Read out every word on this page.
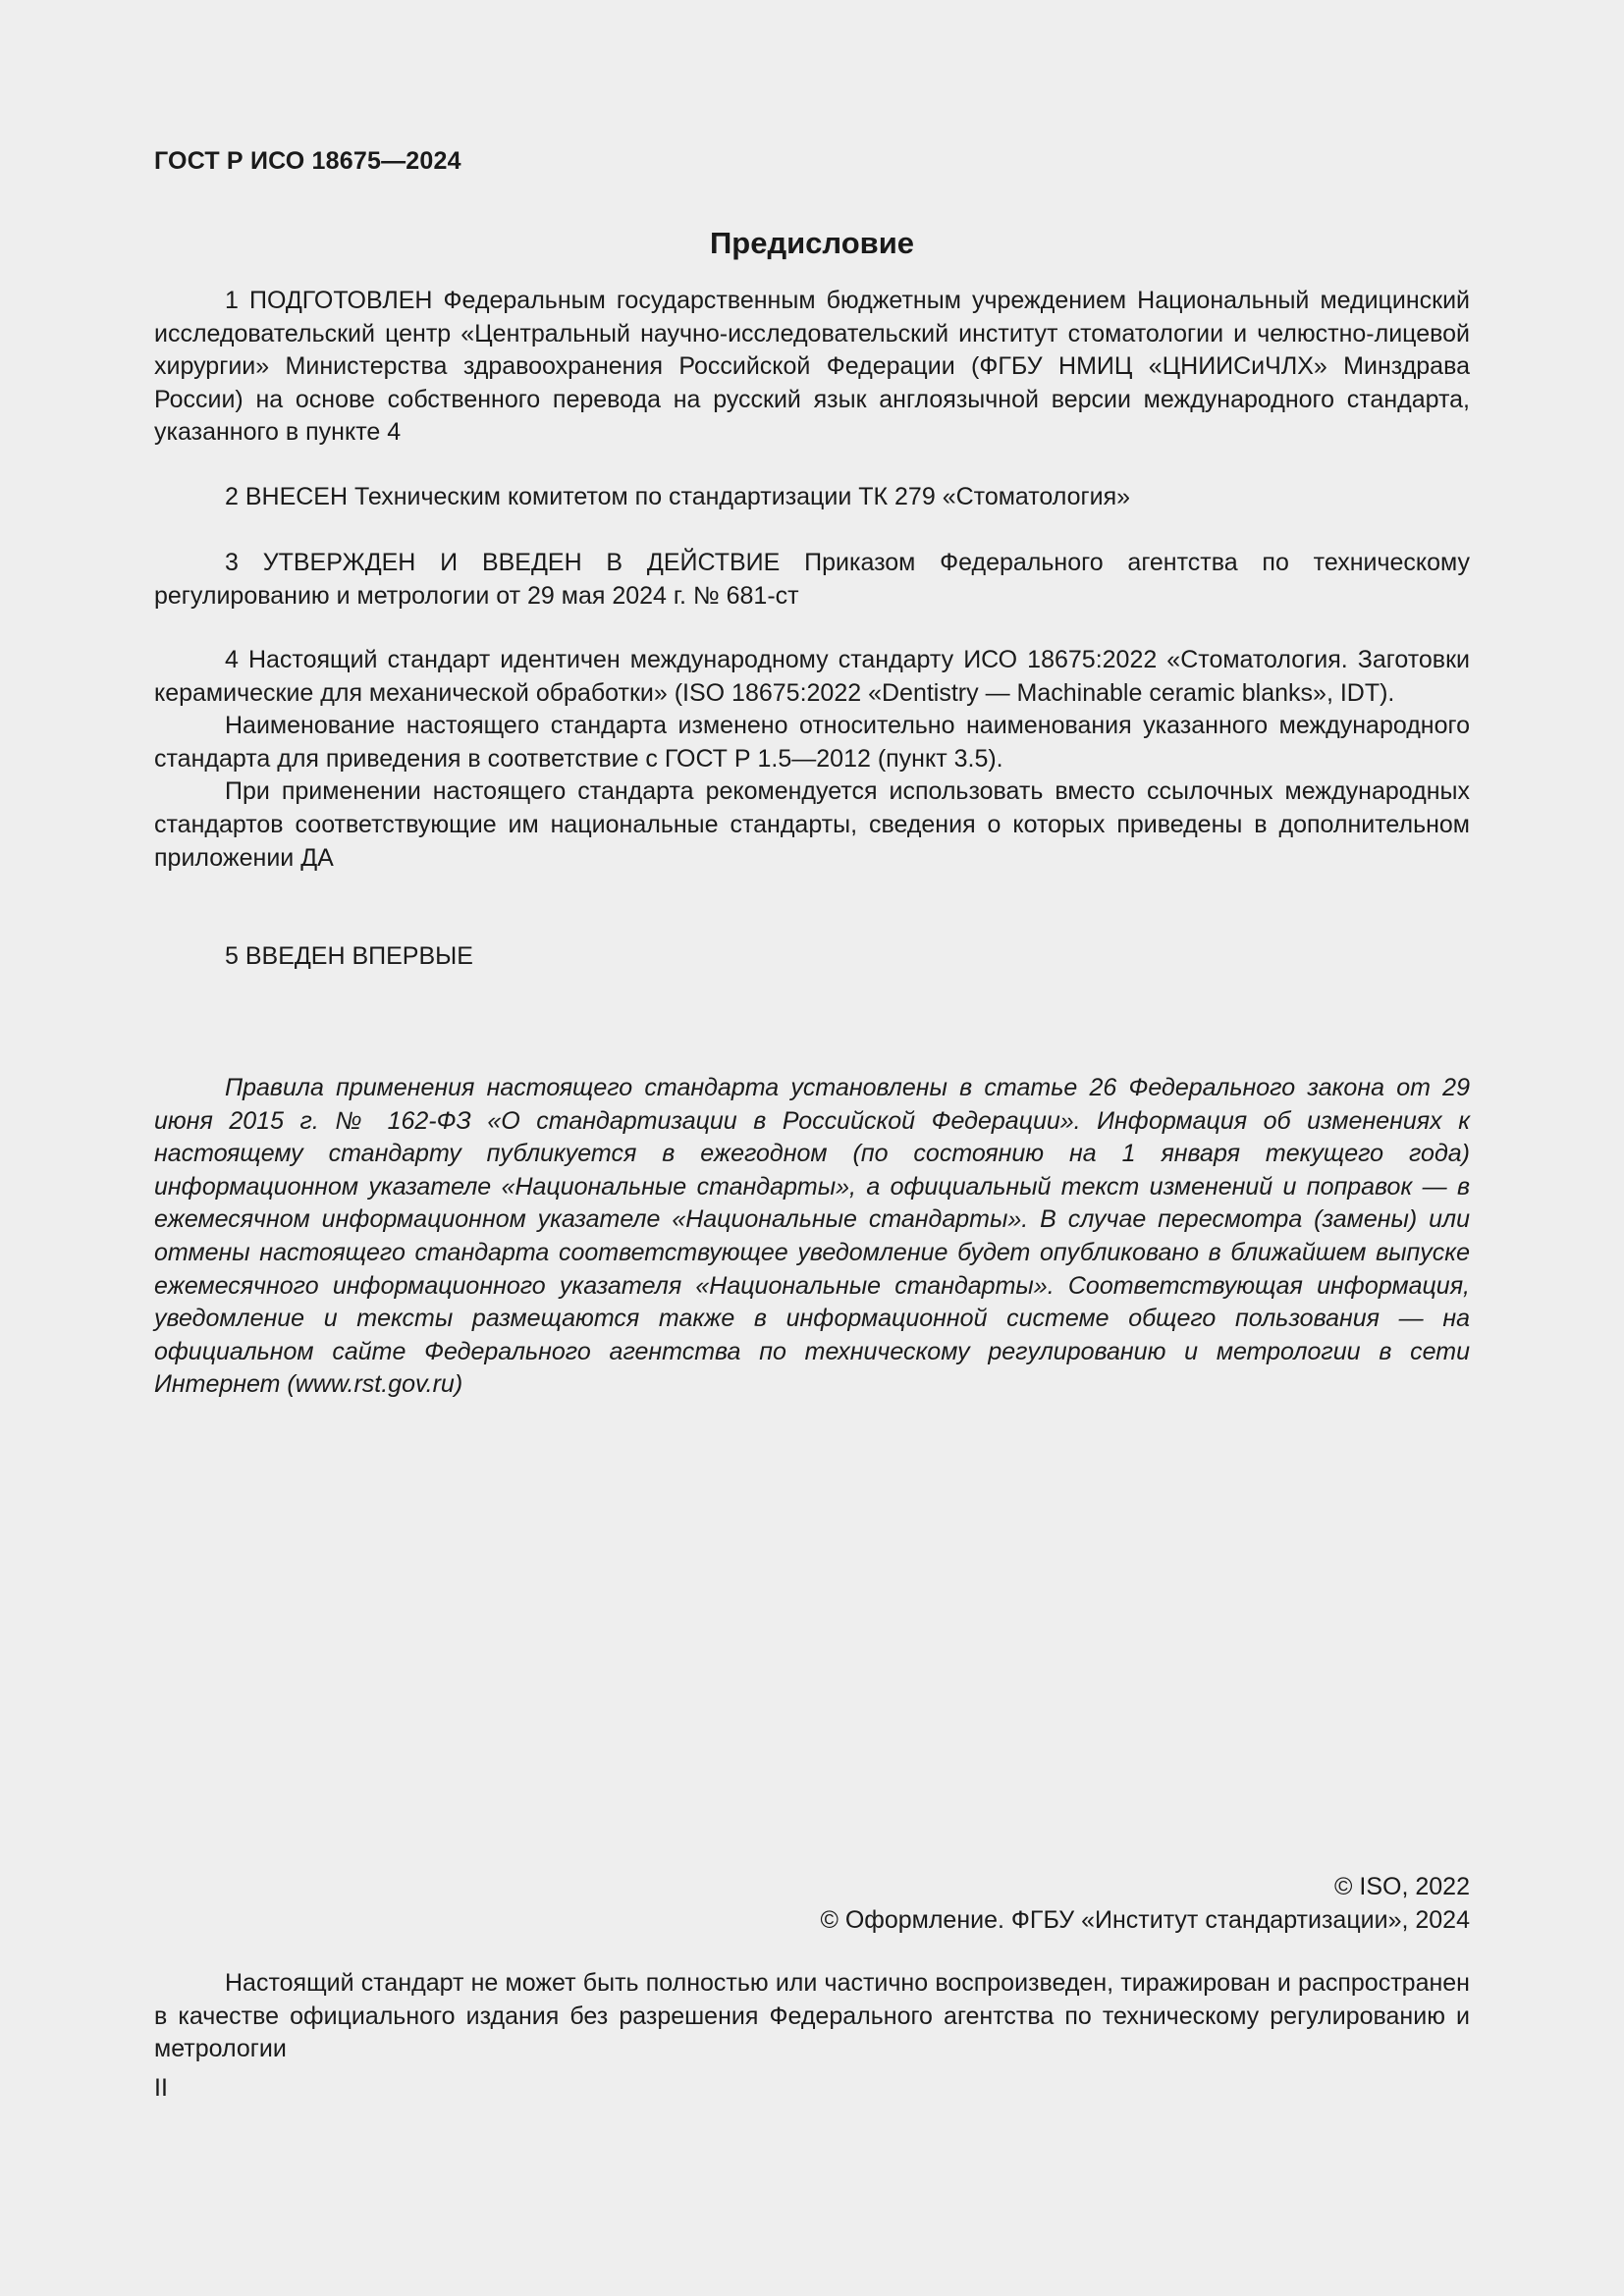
ГОСТ Р ИСО 18675—2024
Предисловие

1 ПОДГОТОВЛЕН Федеральным государственным бюджетным учреждением Национальный медицинский исследовательский центр «Центральный научно-исследовательский институт стоматологии и челюстно-лицевой хирургии» Министерства здравоохранения Российской Федерации (ФГБУ НМИЦ «ЦНИИСиЧЛХ» Минздрава России) на основе собственного перевода на русский язык англоязычной версии международного стандарта, указанного в пункте 4

2 ВНЕСЕН Техническим комитетом по стандартизации ТК 279 «Стоматология»

3 УТВЕРЖДЕН И ВВЕДЕН В ДЕЙСТВИЕ Приказом Федерального агентства по техническому регулированию и метрологии от 29 мая 2024 г. № 681-ст

4 Настоящий стандарт идентичен международному стандарту ИСО 18675:2022 «Стоматология. Заготовки керамические для механической обработки» (ISO 18675:2022 «Dentistry — Machinable ceramic blanks», IDT).

Наименование настоящего стандарта изменено относительно наименования указанного международного стандарта для приведения в соответствие с ГОСТ Р 1.5—2012 (пункт 3.5).

При применении настоящего стандарта рекомендуется использовать вместо ссылочных международных стандартов соответствующие им национальные стандарты, сведения о которых приведены в дополнительном приложении ДА

5 ВВЕДЕН ВПЕРВЫЕ

Правила применения настоящего стандарта установлены в статье 26 Федерального закона от 29 июня 2015 г. № 162-ФЗ «О стандартизации в Российской Федерации». Информация об изменениях к настоящему стандарту публикуется в ежегодном (по состоянию на 1 января текущего года) информационном указателе «Национальные стандарты», а официальный текст изменений и поправок — в ежемесячном информационном указателе «Национальные стандарты». В случае пересмотра (замены) или отмены настоящего стандарта соответствующее уведомление будет опубликовано в ближайшем выпуске ежемесячного информационного указателя «Национальные стандарты». Соответствующая информация, уведомление и тексты размещаются также в информационной системе общего пользования — на официальном сайте Федерального агентства по техническому регулированию и метрологии в сети Интернет (www.rst.gov.ru)

© ISO, 2022
© Оформление. ФГБУ «Институт стандартизации», 2024

Настоящий стандарт не может быть полностью или частично воспроизведен, тиражирован и распространен в качестве официального издания без разрешения Федерального агентства по техническому регулированию и метрологии

II
